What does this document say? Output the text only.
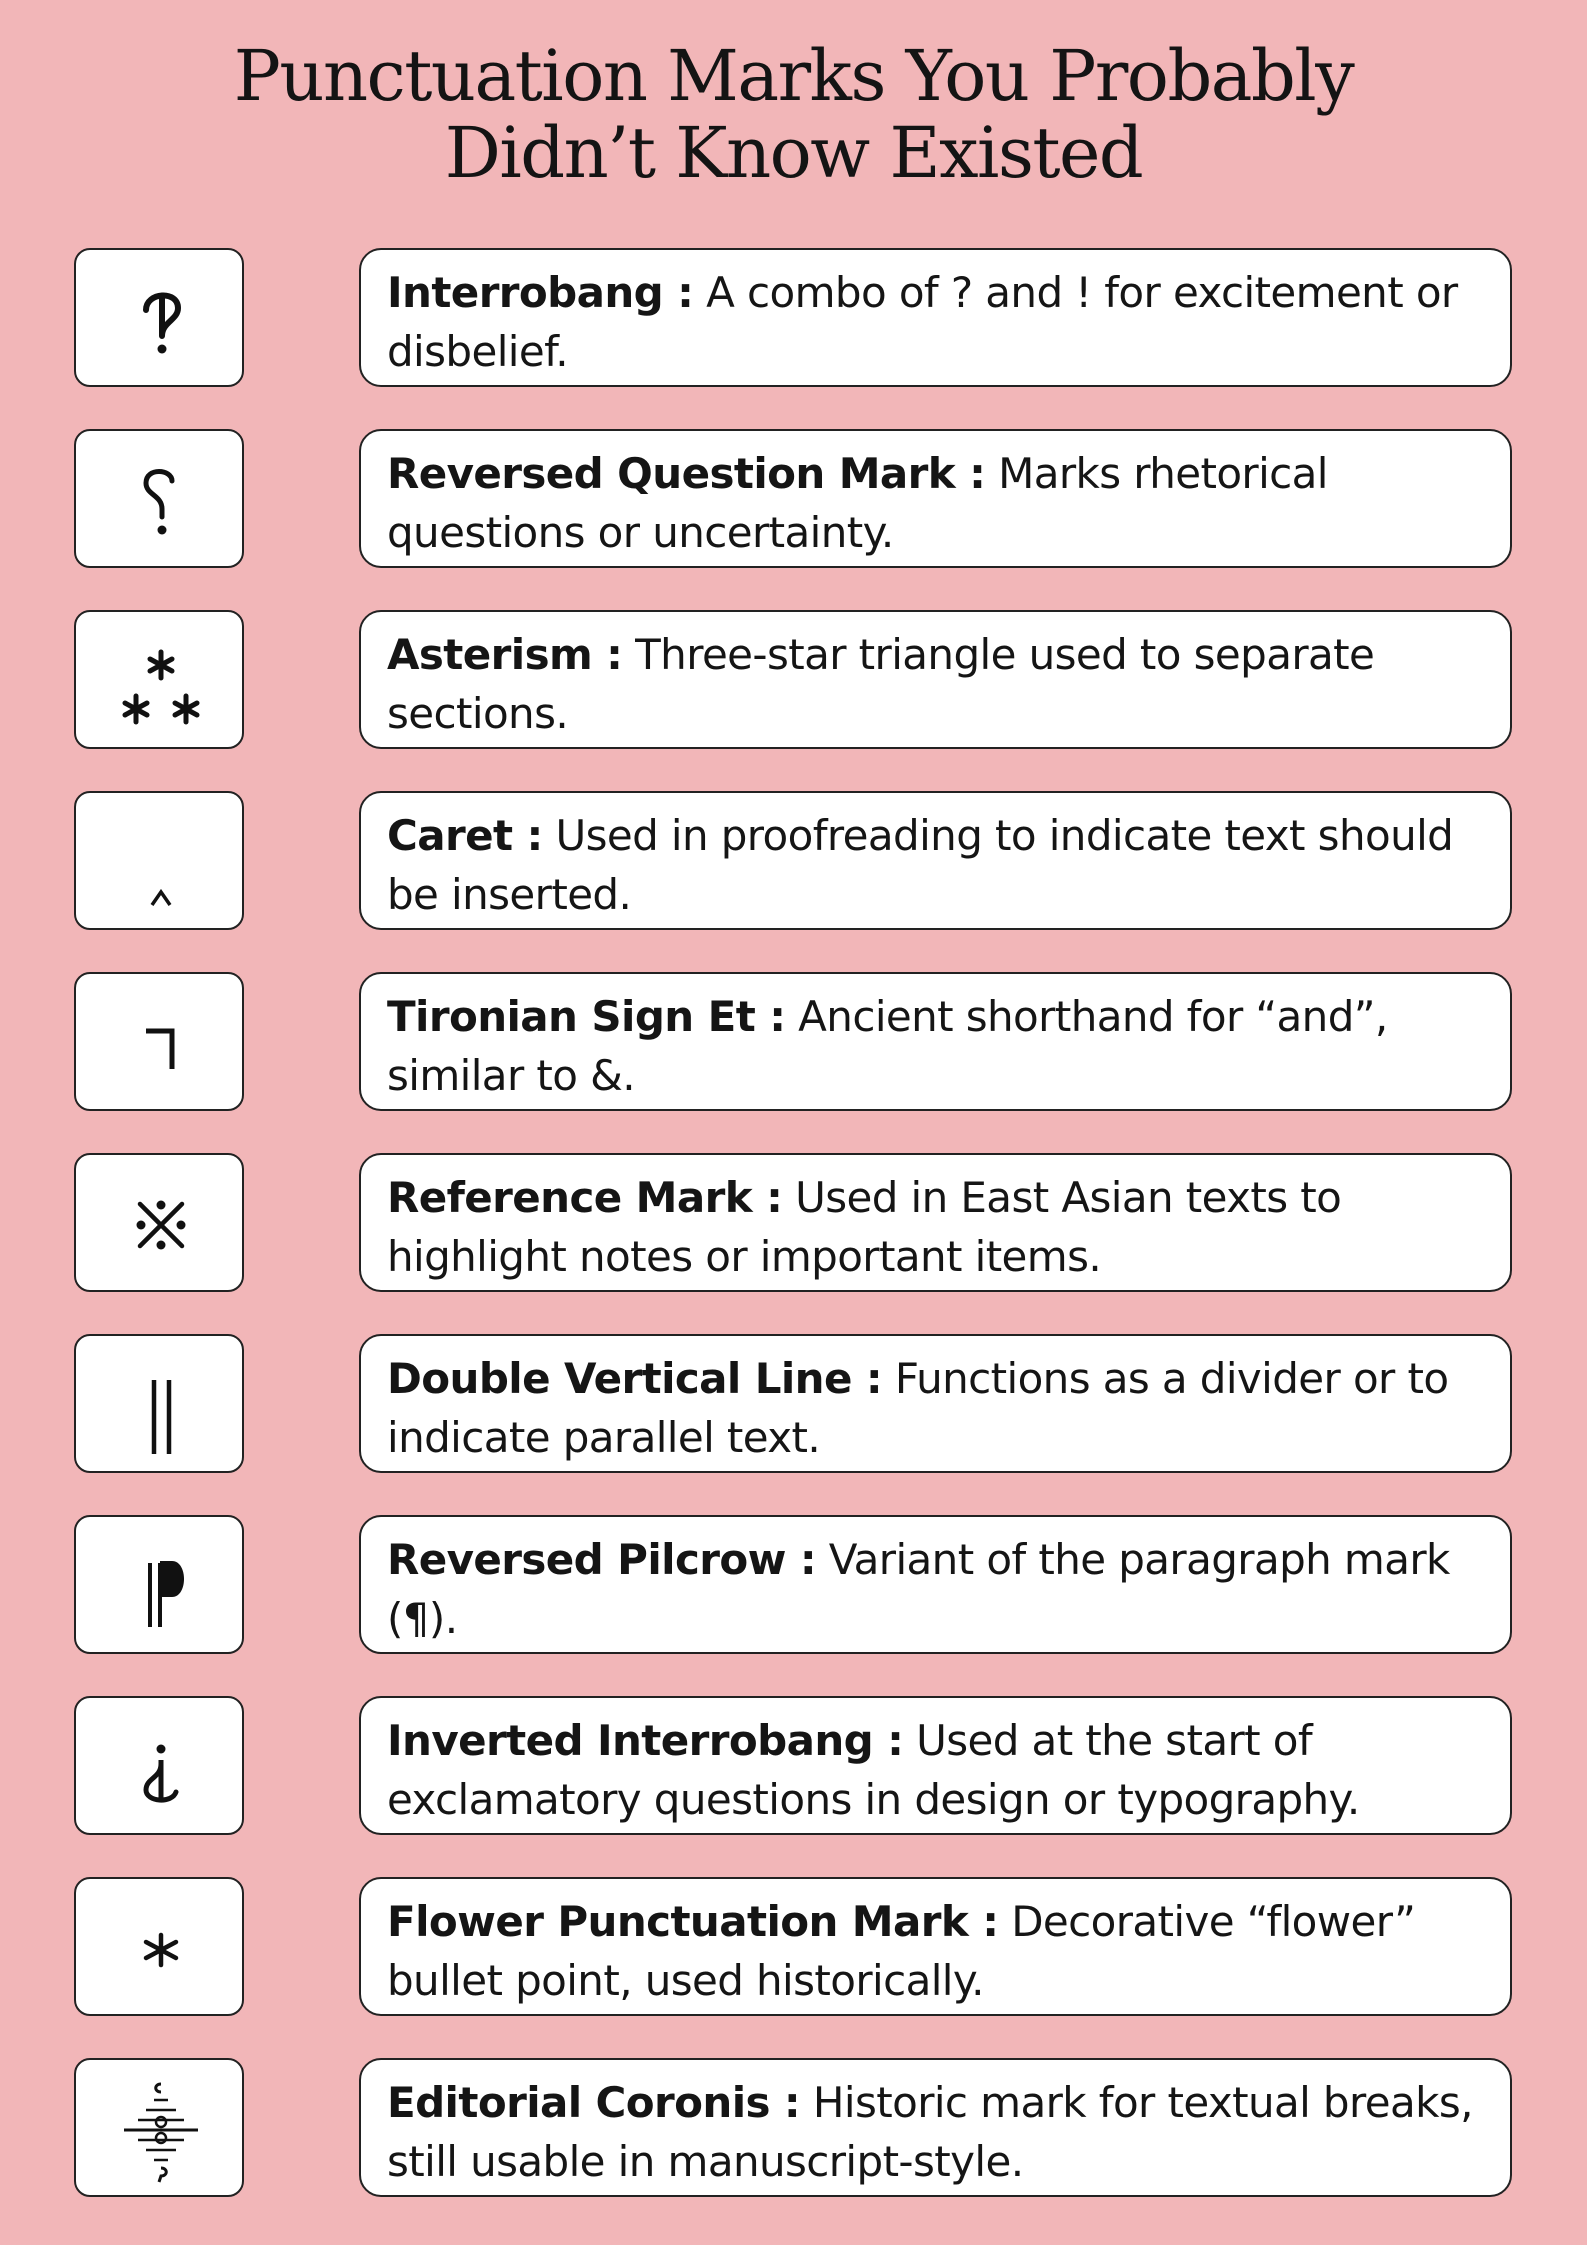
Punctuation Marks You Probably
Didn’t Know Existed
Interrobang : A combo of ? and ! for excitement or disbelief.
Reversed Question Mark : Marks rhetorical questions or uncertainty.
Asterism : Three-star triangle used to separate sections.
Caret : Used in proofreading to indicate text should be inserted.
Tironian Sign Et : Ancient shorthand for “and”, similar to &.
Reference Mark : Used in East Asian texts to highlight notes or important items.
Double Vertical Line : Functions as a divider or to indicate parallel text.
Reversed Pilcrow : Variant of the paragraph mark (¶).
Inverted Interrobang : Used at the start of exclamatory questions in design or typography.
Flower Punctuation Mark : Decorative “flower” bullet point, used historically.
Editorial Coronis : Historic mark for textual breaks, still usable in manuscript-style.
